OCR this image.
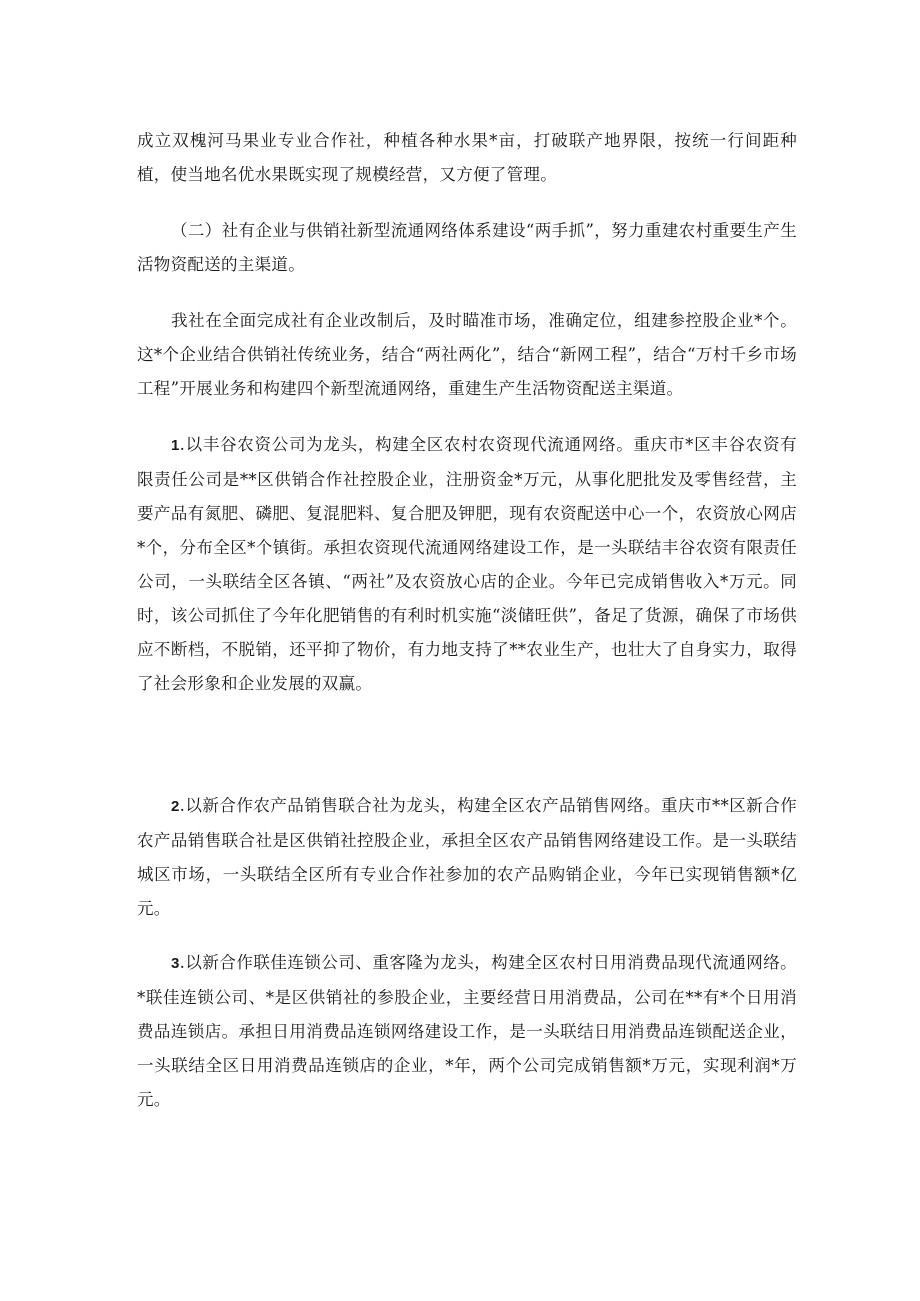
成立双槐河马果业专业合作社，种植各种水果*亩，打破联产地界限，按统一行间距种植，使当地名优水果既实现了规模经营，又方便了管理。

（二）社有企业与供销社新型流通网络体系建设“两手抓”，努力重建农村重要生产生活物资配送的主渠道。

我社在全面完成社有企业改制后，及时瞄准市场，准确定位，组建参控股企业*个。这*个企业结合供销社传统业务，结合“两社两化”，结合“新网工程”，结合“万村千乡市场工程”开展业务和构建四个新型流通网络，重建生产生活物资配送主渠道。

1.以丰谷农资公司为龙头，构建全区农村农资现代流通网络。重庆市*区丰谷农资有限责任公司是**区供销合作社控股企业，注册资金*万元，从事化肥批发及零售经营，主要产品有氮肥、磷肥、复混肥料、复合肥及钾肥，现有农资配送中心一个，农资放心网店*个，分布全区*个镇街。承担农资现代流通网络建设工作，是一头联结丰谷农资有限责任公司，一头联结全区各镇、“两社”及农资放心店的企业。今年已完成销售收入*万元。同时，该公司抓住了今年化肥销售的有利时机实施“淡储旺供”，备足了货源，确保了市场供应不断档，不脱销，还平抑了物价，有力地支持了**农业生产，也壮大了自身实力，取得了社会形象和企业发展的双赢。

2.以新合作农产品销售联合社为龙头，构建全区农产品销售网络。重庆市**区新合作农产品销售联合社是区供销社控股企业，承担全区农产品销售网络建设工作。是一头联结城区市场，一头联结全区所有专业合作社参加的农产品购销企业，今年已实现销售额*亿元。

3.以新合作联佳连锁公司、重客隆为龙头，构建全区农村日用消费品现代流通网络。*联佳连锁公司、*是区供销社的参股企业，主要经营日用消费品，公司在**有*个日用消费品连锁店。承担日用消费品连锁网络建设工作，是一头联结日用消费品连锁配送企业，一头联结全区日用消费品连锁店的企业，*年，两个公司完成销售额*万元，实现利润*万元。
